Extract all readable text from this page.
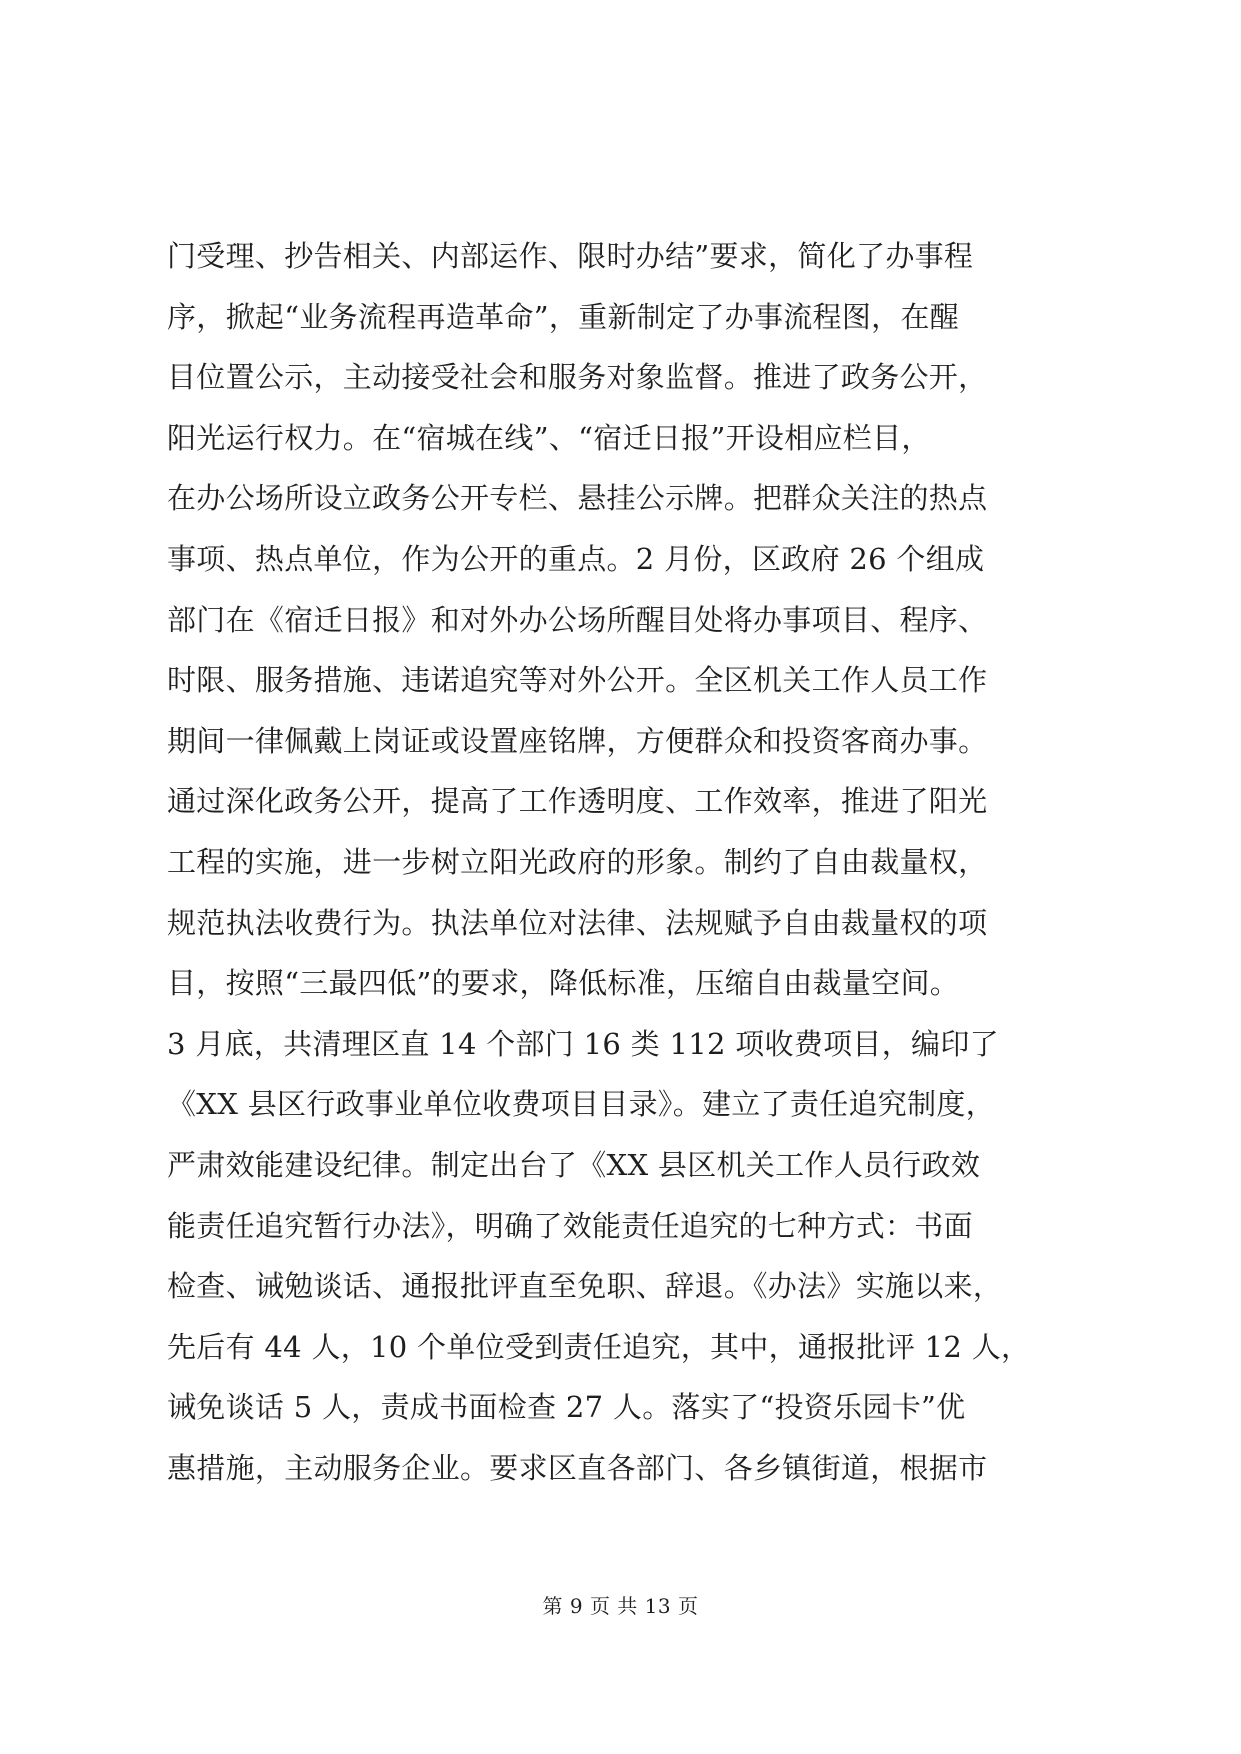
门受理、抄告相关、内部运作、限时办结”要求，简化了办事程
序，掀起“业务流程再造革命”，重新制定了办事流程图，在醒
目位置公示，主动接受社会和服务对象监督。推进了政务公开，
阳光运行权力。在“宿城在线”、“宿迁日报”开设相应栏目，
在办公场所设立政务公开专栏、悬挂公示牌。把群众关注的热点
事项、热点单位，作为公开的重点。2 月份，区政府 26 个组成
部门在《宿迁日报》和对外办公场所醒目处将办事项目、程序、
时限、服务措施、违诺追究等对外公开。全区机关工作人员工作
期间一律佩戴上岗证或设置座铭牌，方便群众和投资客商办事。
通过深化政务公开，提高了工作透明度、工作效率，推进了阳光
工程的实施，进一步树立阳光政府的形象。制约了自由裁量权，
规范执法收费行为。执法单位对法律、法规赋予自由裁量权的项
目，按照“三最四低”的要求，降低标准，压缩自由裁量空间。
3 月底，共清理区直 14 个部门 16 类 112 项收费项目，编印了
《XX 县区行政事业单位收费项目目录》。建立了责任追究制度，
严肃效能建设纪律。制定出台了《XX 县区机关工作人员行政效
能责任追究暂行办法》，明确了效能责任追究的七种方式：书面
检查、诫勉谈话、通报批评直至免职、辞退。《办法》实施以来，
先后有 44 人，10 个单位受到责任追究，其中，通报批评 12 人，
诫免谈话 5 人，责成书面检查 27 人。落实了“投资乐园卡”优
惠措施，主动服务企业。要求区直各部门、各乡镇街道，根据市
第 9 页 共 13 页
